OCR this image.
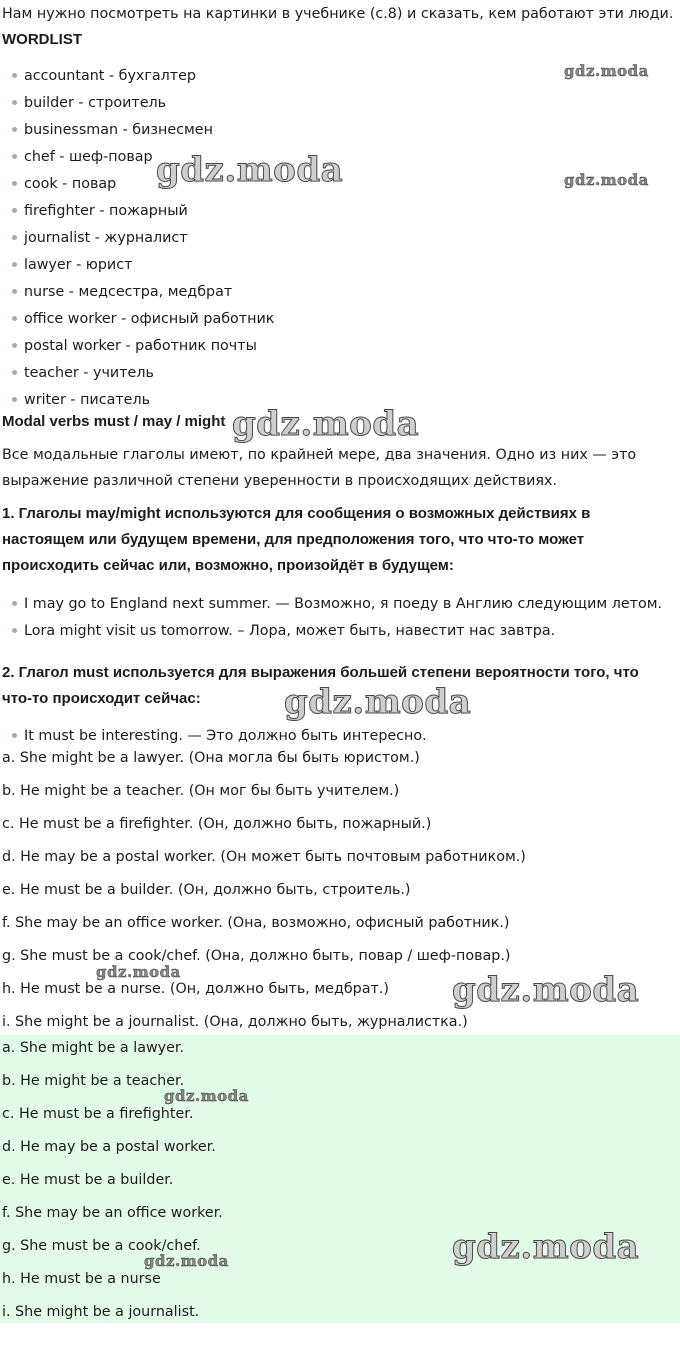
Нам нужно посмотреть на картинки в учебнике (с.8) и сказать, кем работают эти люди.
WORDLIST
accountant - бухгалтер
builder - строитель
businessman - бизнесмен
chef - шеф-повар
cook - повар
firefighter - пожарный
journalist - журналист
lawyer - юрист
nurse - медсестра, медбрат
office worker - офисный работник
postal worker - работник почты
teacher - учитель
writer - писатель
Modal verbs must / may / might
Все модальные глаголы имеют, по крайней мере, два значения. Одно из них — это
выражение различной степени уверенности в происходящих действиях.
1. Глаголы may/might используются для сообщения о возможных действиях в
настоящем или будущем времени, для предположения того, что что-то может
происходить сейчас или, возможно, произойдёт в будущем:
I may go to England next summer. — Возможно, я поеду в Англию следующим летом.
Lora might visit us tomorrow. – Лора, может быть, навестит нас завтра.
2. Глагол must используется для выражения большей степени вероятности того, что
что-то происходит сейчас:
It must be interesting. — Это должно быть интересно.
a. She might be a lawyer. (Она могла бы быть юристом.)
b. He might be a teacher. (Он мог бы быть учителем.)
c. He must be a firefighter. (Он, должно быть, пожарный.)
d. He may be a postal worker. (Он может быть почтовым работником.)
e. He must be a builder. (Он, должно быть, строитель.)
f. She may be an office worker. (Она, возможно, офисный работник.)
g. She must be a cook/chef. (Она, должно быть, повар / шеф-повар.)
h. He must be a nurse. (Он, должно быть, медбрат.)
i. She might be a journalist. (Она, должно быть, журналистка.)
a. She might be a lawyer.
b. He might be a teacher.
c. He must be a firefighter.
d. He may be a postal worker.
e. He must be a builder.
f. She may be an office worker.
g. She must be a cook/chef.
h. He must be a nurse
i. She might be a journalist.
gdz.moda
gdz.moda	gdz.moda
gdz.moda
gdz.moda
gdz.moda	gdz.moda
gdz.moda
gdz.moda
gdz.moda
